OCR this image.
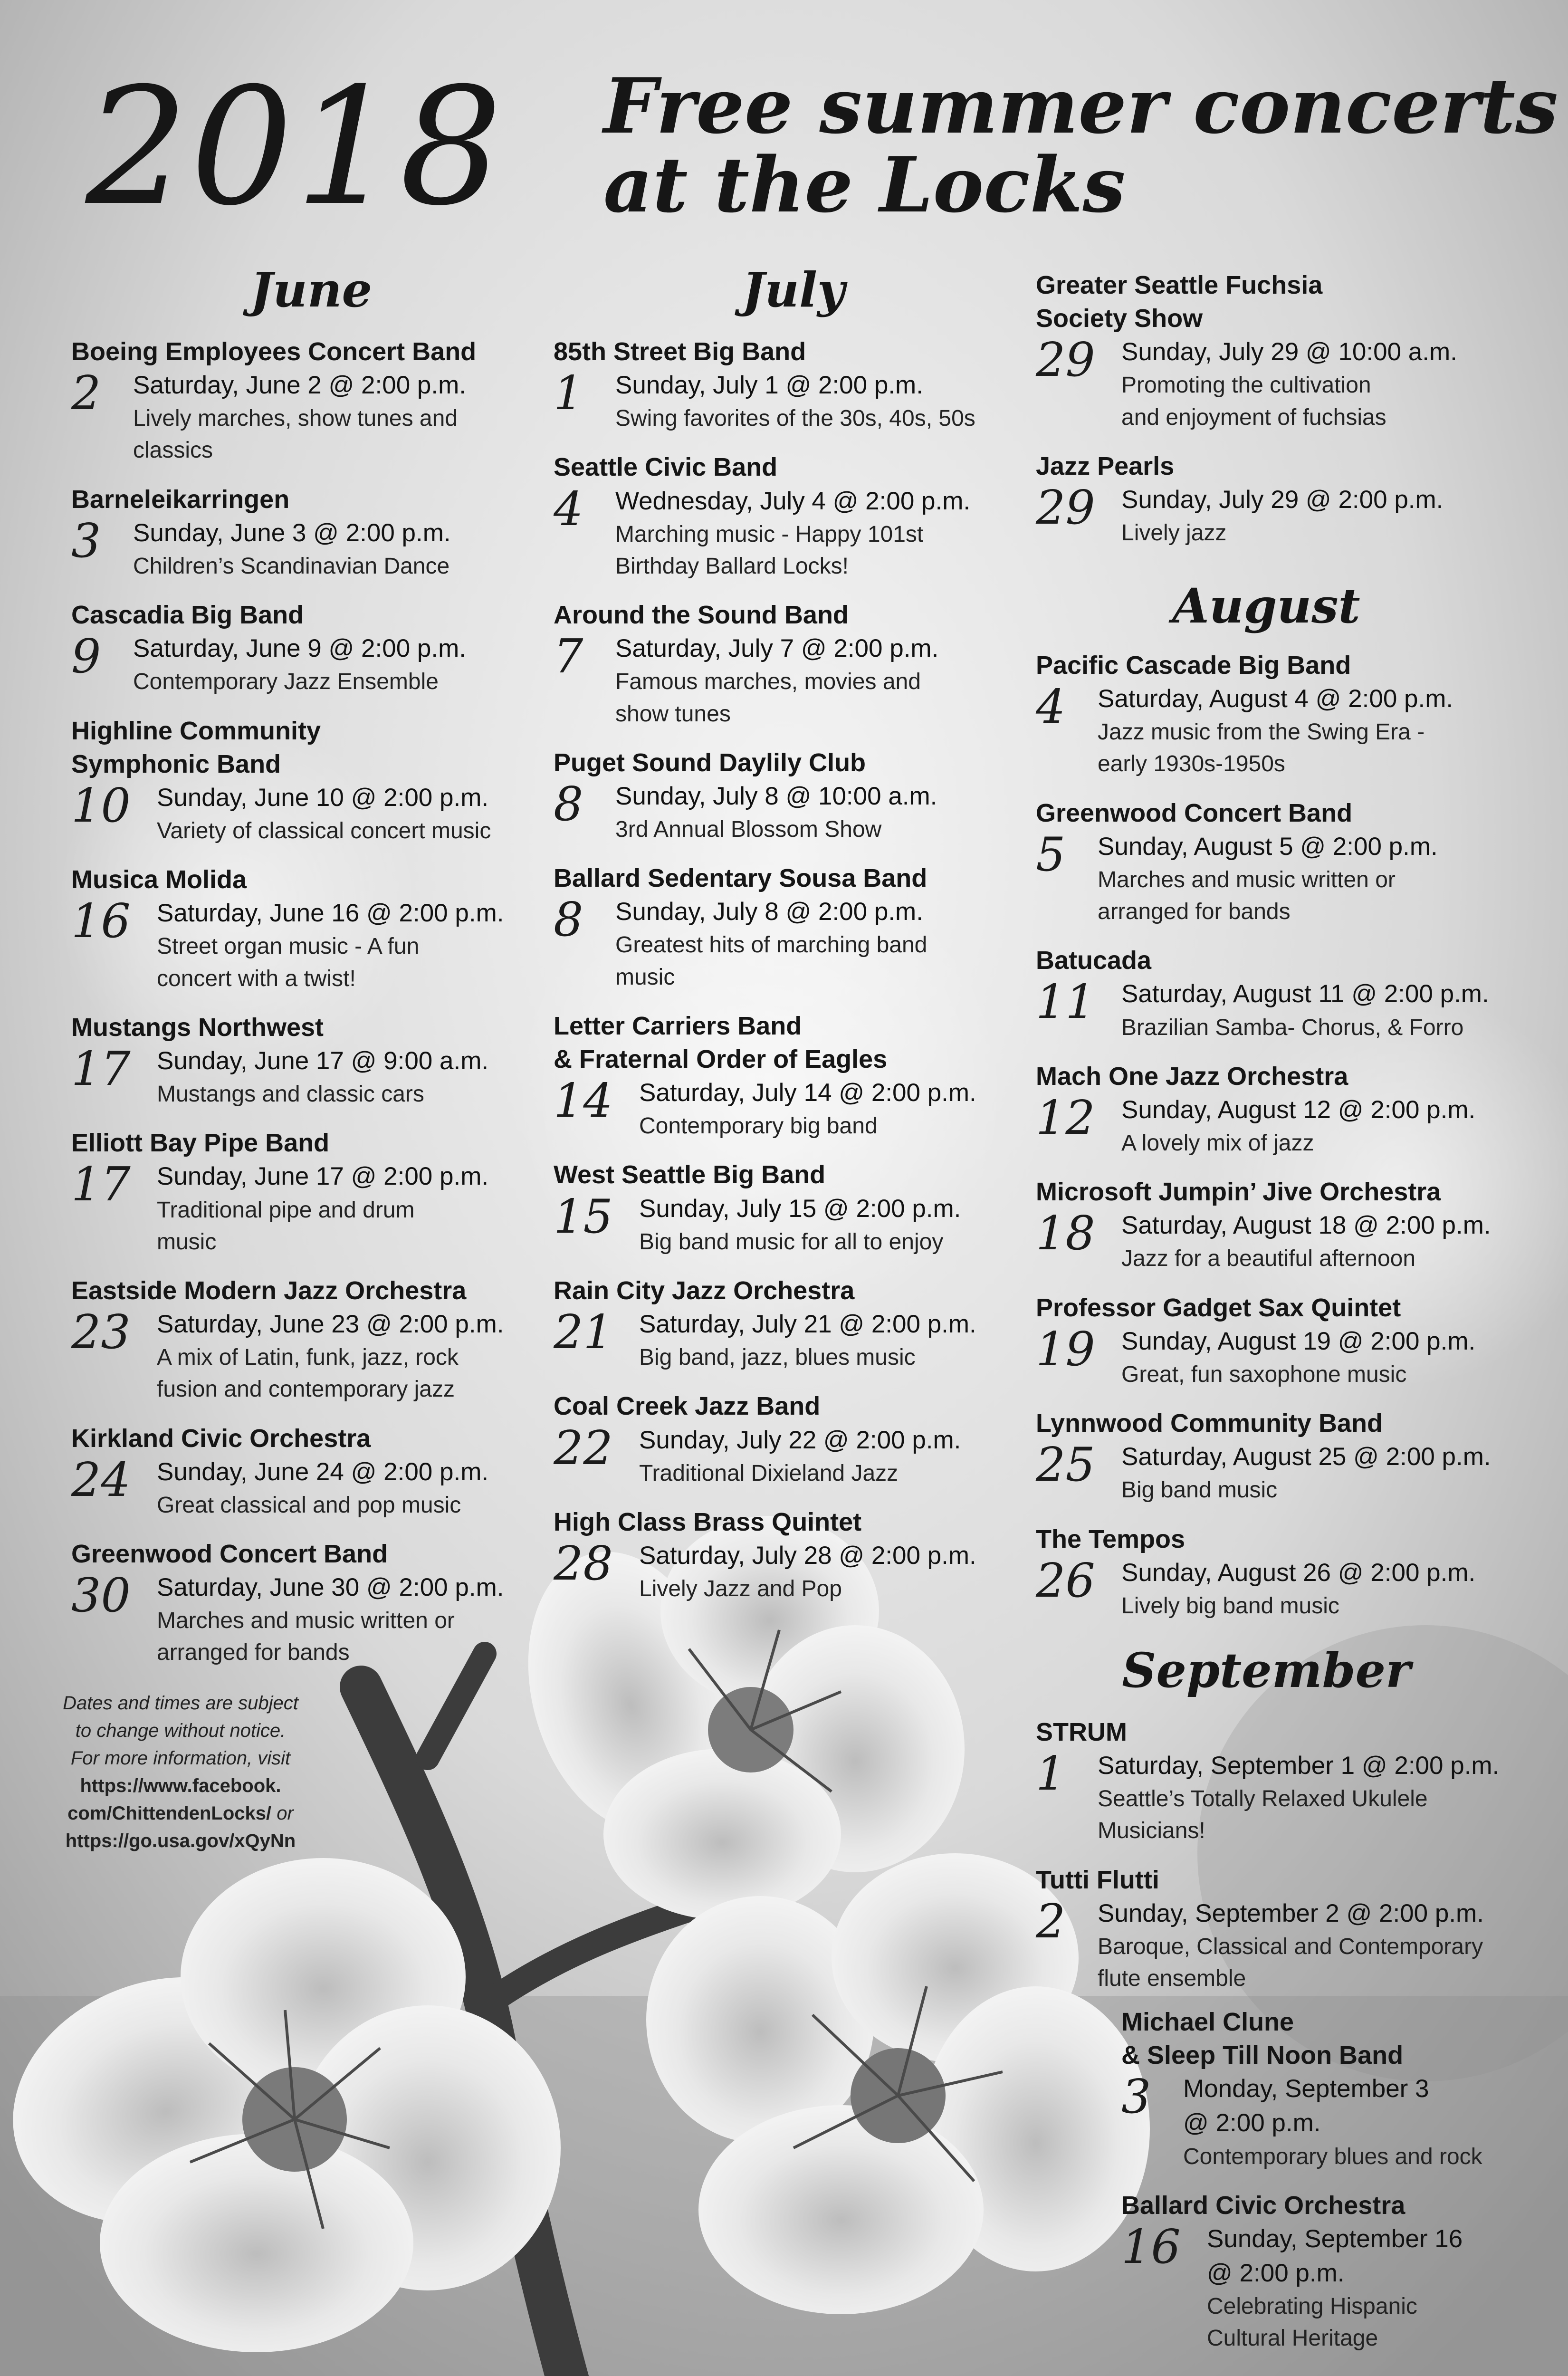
2018 Free summer concerts
at the Locks
June	July
August
September
Boeing Employees Concert Band
2	Saturday, June 2 @ 2:00 p.m.
Lively marches, show tunes and
classics
Barneleikarringen
3	Sunday, June 3 @ 2:00 p.m.
Children’s Scandinavian Dance
Cascadia Big Band
9	Saturday, June 9 @ 2:00 p.m.
Contemporary Jazz Ensemble
Highline Community
Symphonic Band
10	Sunday, June 10 @ 2:00 p.m.
Variety of classical concert music
Musica Molida
16	Saturday, June 16 @ 2:00 p.m.
Street organ music - A fun
concert with a twist!
Mustangs Northwest
17	Sunday, June 17 @ 9:00 a.m.
Mustangs and classic cars
Elliott Bay Pipe Band
17	Sunday, June 17 @ 2:00 p.m.
Traditional pipe and drum
music
Eastside Modern Jazz Orchestra
23	Saturday, June 23 @ 2:00 p.m.
A mix of Latin, funk, jazz, rock
fusion and contemporary jazz
Kirkland Civic Orchestra
24	Sunday, June 24 @ 2:00 p.m.
Great classical and pop music
Greenwood Concert Band
30	Saturday, June 30 @ 2:00 p.m.
Marches and music written or
arranged for bands
85th Street Big Band
1	Sunday, July 1 @ 2:00 p.m.
Swing favorites of the 30s, 40s, 50s
Seattle Civic Band
4	Wednesday, July 4 @ 2:00 p.m.
Marching music - Happy 101st
Birthday Ballard Locks!
Around the Sound Band
7	Saturday, July 7 @ 2:00 p.m.
Famous marches, movies and
show tunes
Puget Sound Daylily Club
8	Sunday, July 8 @ 10:00 a.m.
3rd Annual Blossom Show
Ballard Sedentary Sousa Band
8	Sunday, July 8 @ 2:00 p.m.
Greatest hits of marching band
music
Letter Carriers Band
& Fraternal Order of Eagles
14	Saturday, July 14 @ 2:00 p.m.
Contemporary big band
West Seattle Big Band
15	Sunday, July 15 @ 2:00 p.m.
Big band music for all to enjoy
Rain City Jazz Orchestra
21	Saturday, July 21 @ 2:00 p.m.
Big band, jazz, blues music
Coal Creek Jazz Band
22	Sunday, July 22 @ 2:00 p.m.
Traditional Dixieland Jazz
High Class Brass Quintet
28	Saturday, July 28 @ 2:00 p.m.
Lively Jazz and Pop
Greater Seattle Fuchsia
Society Show
29	Sunday, July 29 @ 10:00 a.m.
Promoting the cultivation
and enjoyment of fuchsias
Jazz Pearls
29	Sunday, July 29 @ 2:00 p.m.
Lively jazz
Pacific Cascade Big Band
4	Saturday, August 4 @ 2:00 p.m.
Jazz music from the Swing Era -
early 1930s-1950s
Greenwood Concert Band
5	Sunday, August 5 @ 2:00 p.m.
Marches and music written or
arranged for bands
Batucada
11	Saturday, August 11 @ 2:00 p.m.
Brazilian Samba- Chorus, & Forro
Mach One Jazz Orchestra
12	Sunday, August 12 @ 2:00 p.m.
A lovely mix of jazz
Microsoft Jumpin’ Jive Orchestra
18	Saturday, August 18 @ 2:00 p.m.
Jazz for a beautiful afternoon
Professor Gadget Sax Quintet
19	Sunday, August 19 @ 2:00 p.m.
Great, fun saxophone music
Lynnwood Community Band
25	Saturday, August 25 @ 2:00 p.m.
Big band music
The Tempos
26	Sunday, August 26 @ 2:00 p.m.
Lively big band music
STRUM
1	Saturday, September 1 @ 2:00 p.m.
Seattle’s Totally Relaxed Ukulele
Musicians!
Tutti Flutti
2	Sunday, September 2 @ 2:00 p.m.
Baroque, Classical and Contemporary
flute ensemble
Michael Clune
& Sleep Till Noon Band
3	Monday, September 3
@ 2:00 p.m.
Contemporary blues and rock
Ballard Civic Orchestra
16	Sunday, September 16
@ 2:00 p.m.
Celebrating Hispanic
Cultural Heritage
Dates and times are subject
to change without notice.
For more information, visit
https://www.facebook.
com/ChittendenLocks/ or
https://go.usa.gov/xQyNn
